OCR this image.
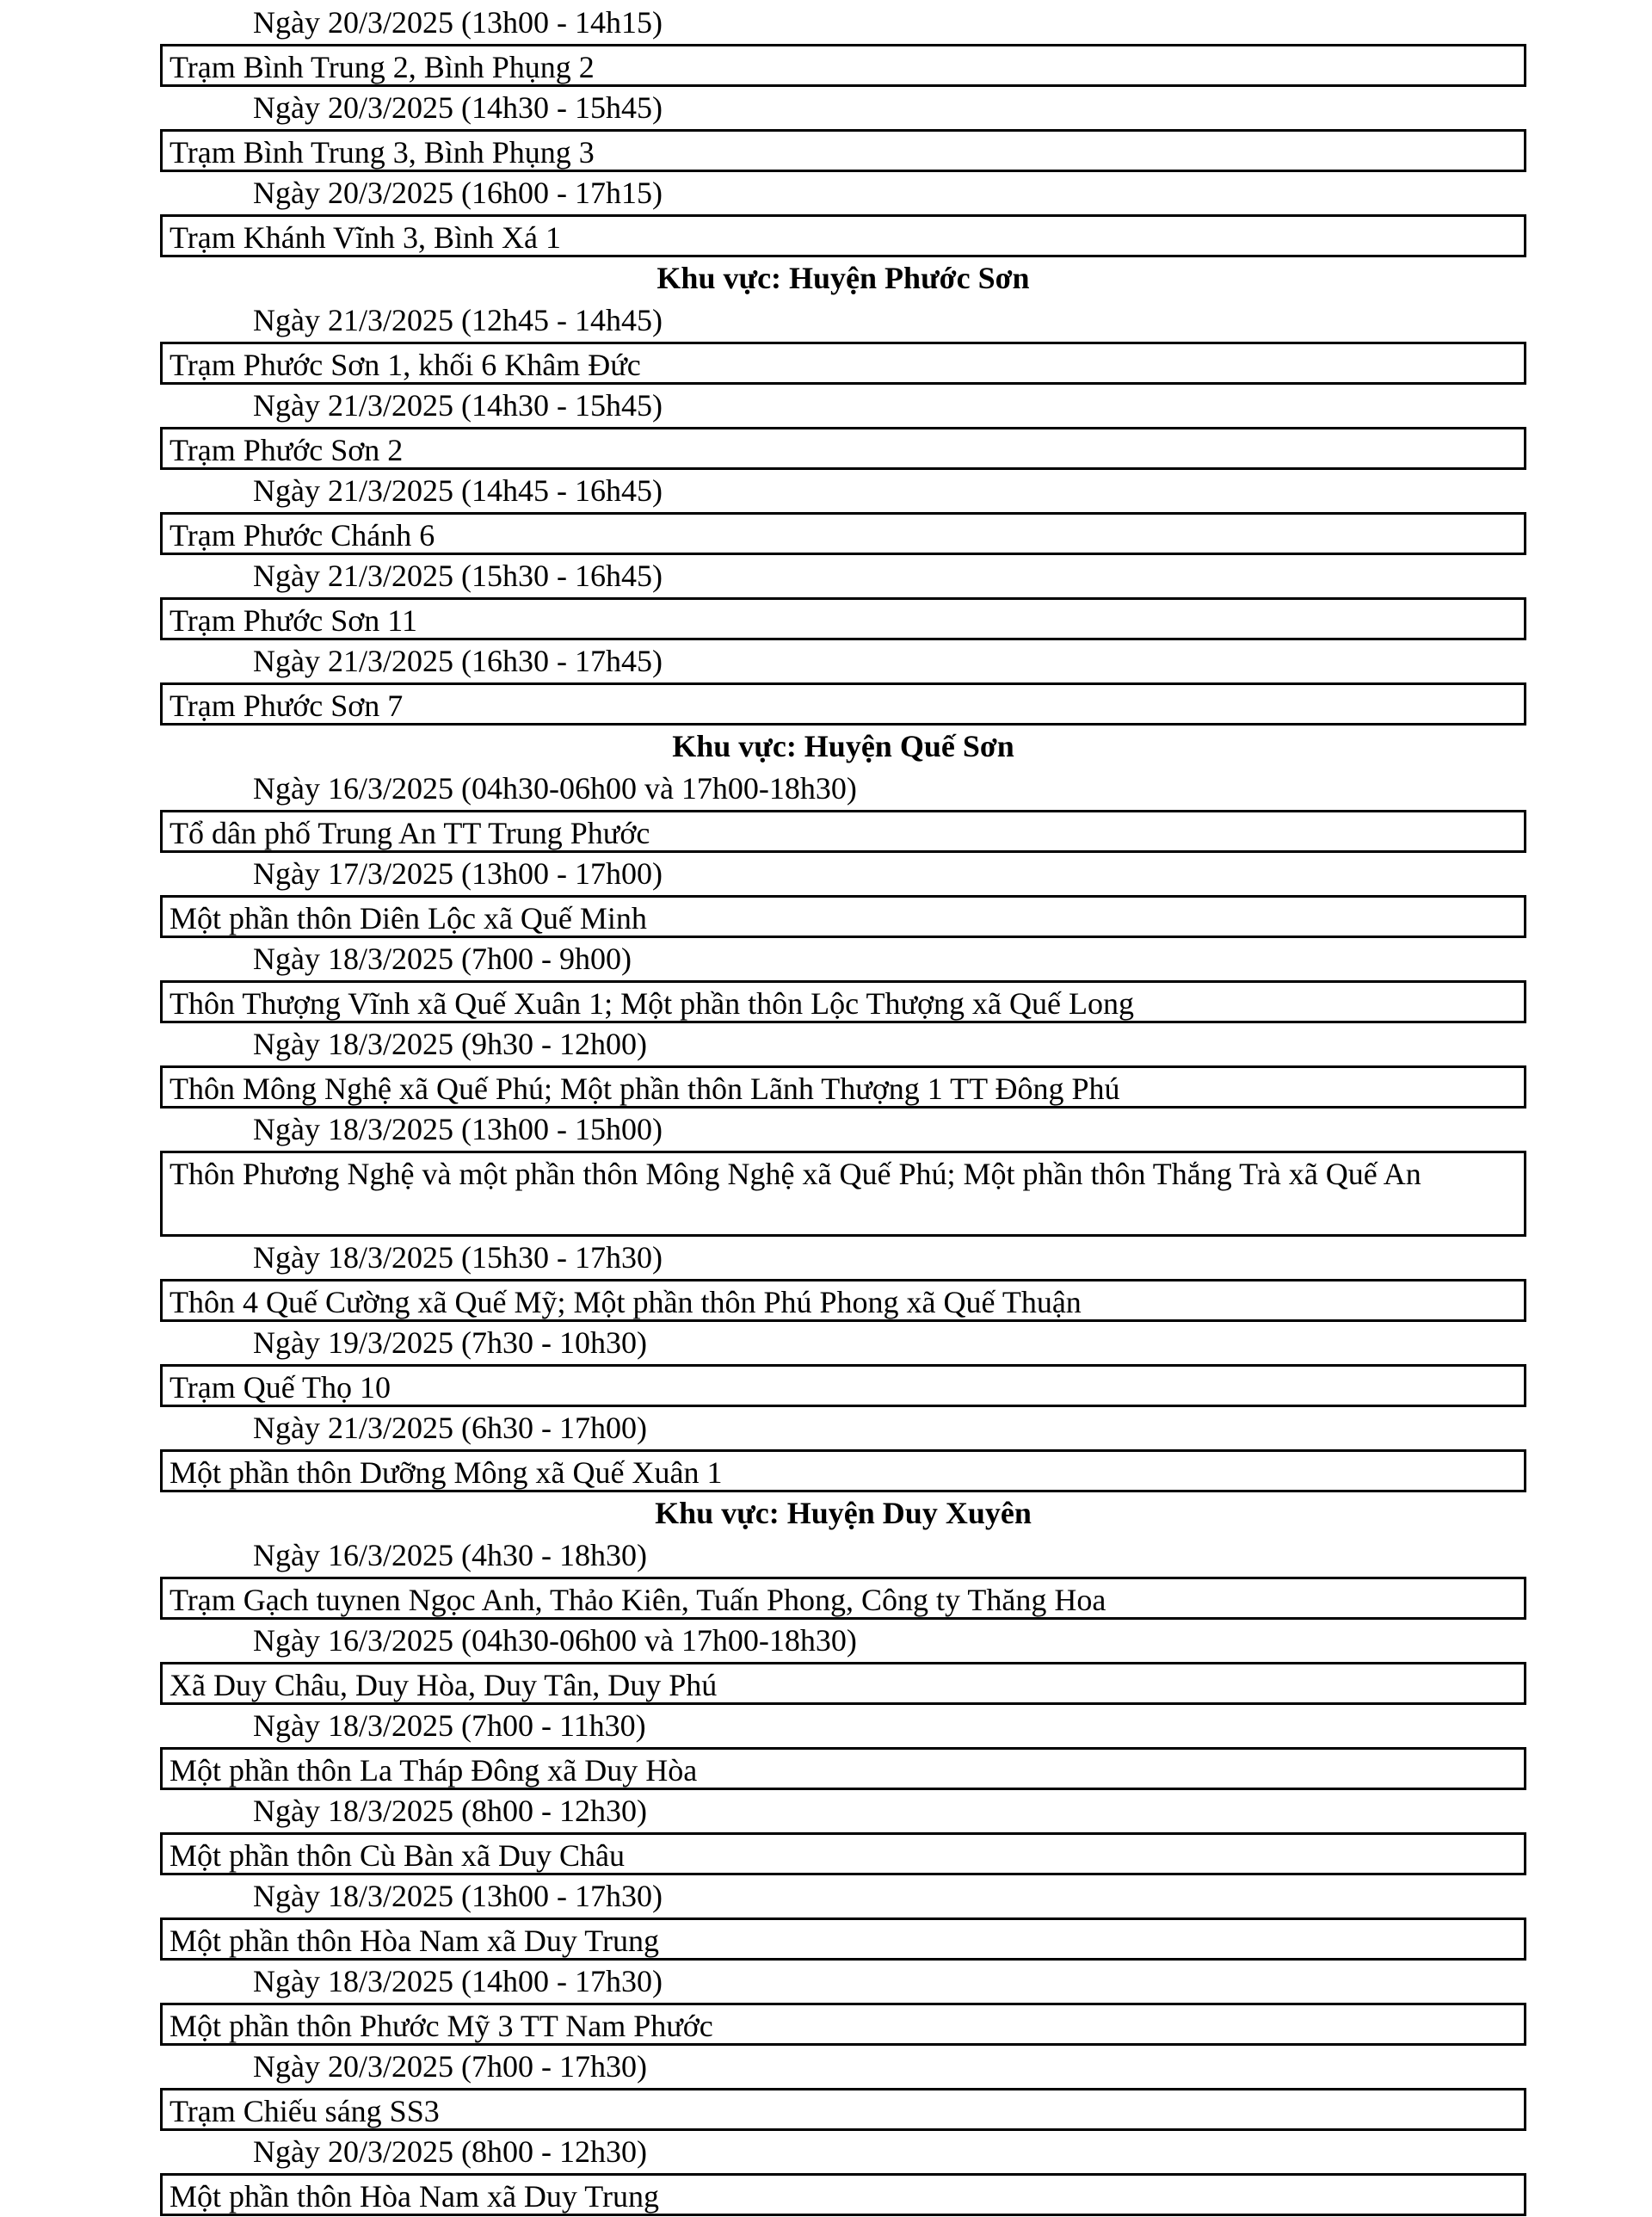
Ngày 20/3/2025 (13h00 - 14h15)
Trạm Bình Trung 2, Bình Phụng 2
Ngày 20/3/2025 (14h30 - 15h45)
Trạm Bình Trung 3, Bình Phụng 3
Ngày 20/3/2025 (16h00 - 17h15)
Trạm Khánh Vĩnh 3, Bình Xá 1
Khu vực: Huyện Phước Sơn
Ngày 21/3/2025 (12h45 - 14h45)
Trạm Phước Sơn 1, khối 6 Khâm Đức
Ngày 21/3/2025 (14h30 - 15h45)
Trạm Phước Sơn 2
Ngày 21/3/2025 (14h45 - 16h45)
Trạm Phước Chánh 6
Ngày 21/3/2025 (15h30 - 16h45)
Trạm Phước Sơn 11
Ngày 21/3/2025 (16h30 - 17h45)
Trạm Phước Sơn 7
Khu vực: Huyện Quế Sơn
Ngày 16/3/2025 (04h30-06h00 và 17h00-18h30)
Tổ dân phố Trung An TT Trung Phước
Ngày 17/3/2025 (13h00 - 17h00)
Một phần thôn Diên Lộc xã Quế Minh
Ngày 18/3/2025 (7h00 - 9h00)
Thôn Thượng Vĩnh xã Quế Xuân 1; Một phần thôn Lộc Thượng xã Quế Long
Ngày 18/3/2025 (9h30 - 12h00)
Thôn Mông Nghệ xã Quế Phú; Một phần thôn Lãnh Thượng 1 TT Đông Phú
Ngày 18/3/2025 (13h00 - 15h00)
Thôn Phương Nghệ và một phần thôn Mông Nghệ xã Quế Phú; Một phần thôn Thắng Trà xã Quế An
Ngày 18/3/2025 (15h30 - 17h30)
Thôn 4 Quế Cường xã Quế Mỹ; Một phần thôn Phú Phong xã Quế Thuận
Ngày 19/3/2025 (7h30 - 10h30)
Trạm Quế Thọ 10
Ngày 21/3/2025 (6h30 - 17h00)
Một phần thôn Dưỡng Mông xã Quế Xuân 1
Khu vực: Huyện Duy Xuyên
Ngày 16/3/2025 (4h30 - 18h30)
Trạm Gạch tuynen Ngọc Anh, Thảo Kiên, Tuấn Phong, Công ty Thăng Hoa
Ngày 16/3/2025 (04h30-06h00 và 17h00-18h30)
Xã Duy Châu, Duy Hòa, Duy Tân, Duy Phú
Ngày 18/3/2025 (7h00 - 11h30)
Một phần thôn La Tháp Đông xã Duy Hòa
Ngày 18/3/2025 (8h00 - 12h30)
Một phần thôn Cù Bàn xã Duy Châu
Ngày 18/3/2025 (13h00 - 17h30)
Một phần thôn Hòa Nam xã Duy Trung
Ngày 18/3/2025 (14h00 - 17h30)
Một phần thôn Phước Mỹ 3 TT Nam Phước
Ngày 20/3/2025 (7h00 - 17h30)
Trạm Chiếu sáng SS3
Ngày 20/3/2025 (8h00 - 12h30)
Một phần thôn Hòa Nam xã Duy Trung
